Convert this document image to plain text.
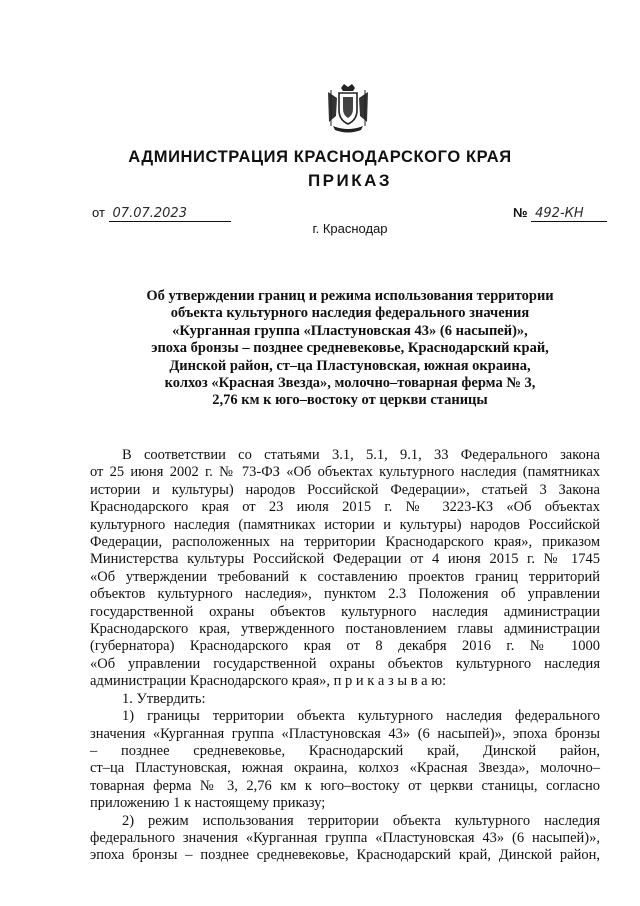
АДМИНИСТРАЦИЯ КРАСНОДАРСКОГО КРАЯ
ПРИКАЗ
от 07.07.2023	№ 492-КН
г. Краснодар
Об утверждении границ и режима использования территории
объекта культурного наследия федерального значения
«Курганная группа «Пластуновская 43» (6 насыпей)»,
эпоха бронзы – позднее средневековье, Краснодарский край,
Динской район, ст–ца Пластуновская, южная окраина,
колхоз «Красная Звезда», молочно–товарная ферма № 3,
2,76 км к юго–востоку от церкви станицы
В соответствии со статьями 3.1, 5.1, 9.1, 33 Федерального закона
от 25 июня 2002 г. № 73-ФЗ «Об объектах культурного наследия (памятниках
истории и культуры) народов Российской Федерации», статьей 3 Закона
Краснодарского края от 23 июля 2015 г. № 3223-КЗ «Об объектах
культурного наследия (памятниках истории и культуры) народов Российской
Федерации, расположенных на территории Краснодарского края», приказом
Министерства культуры Российской Федерации от 4 июня 2015 г. № 1745
«Об утверждении требований к составлению проектов границ территорий
объектов культурного наследия», пунктом 2.3 Положения об управлении
государственной охраны объектов культурного наследия администрации
Краснодарского края, утвержденного постановлением главы администрации
(губернатора) Краснодарского края от 8 декабря 2016 г. № 1000
«Об управлении государственной охраны объектов культурного наследия
администрации Краснодарского края», п р и к а з ы в а ю:
1. Утвердить:
1) границы территории объекта культурного наследия федерального
значения «Курганная группа «Пластуновская 43» (6 насыпей)», эпоха бронзы
– позднее средневековье, Краснодарский край, Динской район,
ст–ца Пластуновская, южная окраина, колхоз «Красная Звезда», молочно–
товарная ферма № 3, 2,76 км к юго–востоку от церкви станицы, согласно
приложению 1 к настоящему приказу;
2) режим использования территории объекта культурного наследия
федерального значения «Курганная группа «Пластуновская 43» (6 насыпей)»,
эпоха бронзы – позднее средневековье, Краснодарский край, Динской район,
